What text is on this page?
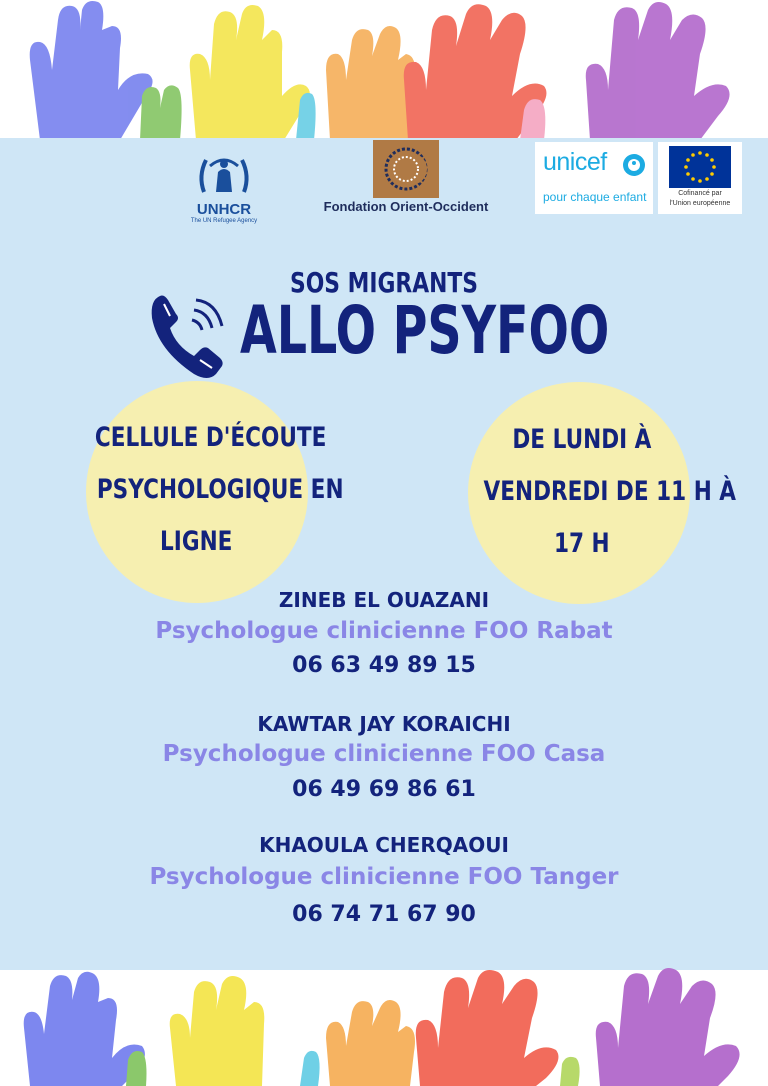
UNHCR
The UN Refugee Agency
Fondation Orient-Occident
unicef
pour chaque enfant	Cofinancé par
l'Union européenne
SOS MIGRANTS
ALLO PSYFOO
CELLULE D'ÉCOUTE
PSYCHOLOGIQUE EN
LIGNE
DE LUNDI À
VENDREDI DE 11 H À
17 H
ZINEB EL OUAZANI
Psychologue clinicienne FOO Rabat
06 63 49 89 15
KAWTAR JAY KORAICHI
Psychologue clinicienne FOO Casa
06 49 69 86 61
KHAOULA CHERQAOUI
Psychologue clinicienne FOO Tanger
06 74 71 67 90
